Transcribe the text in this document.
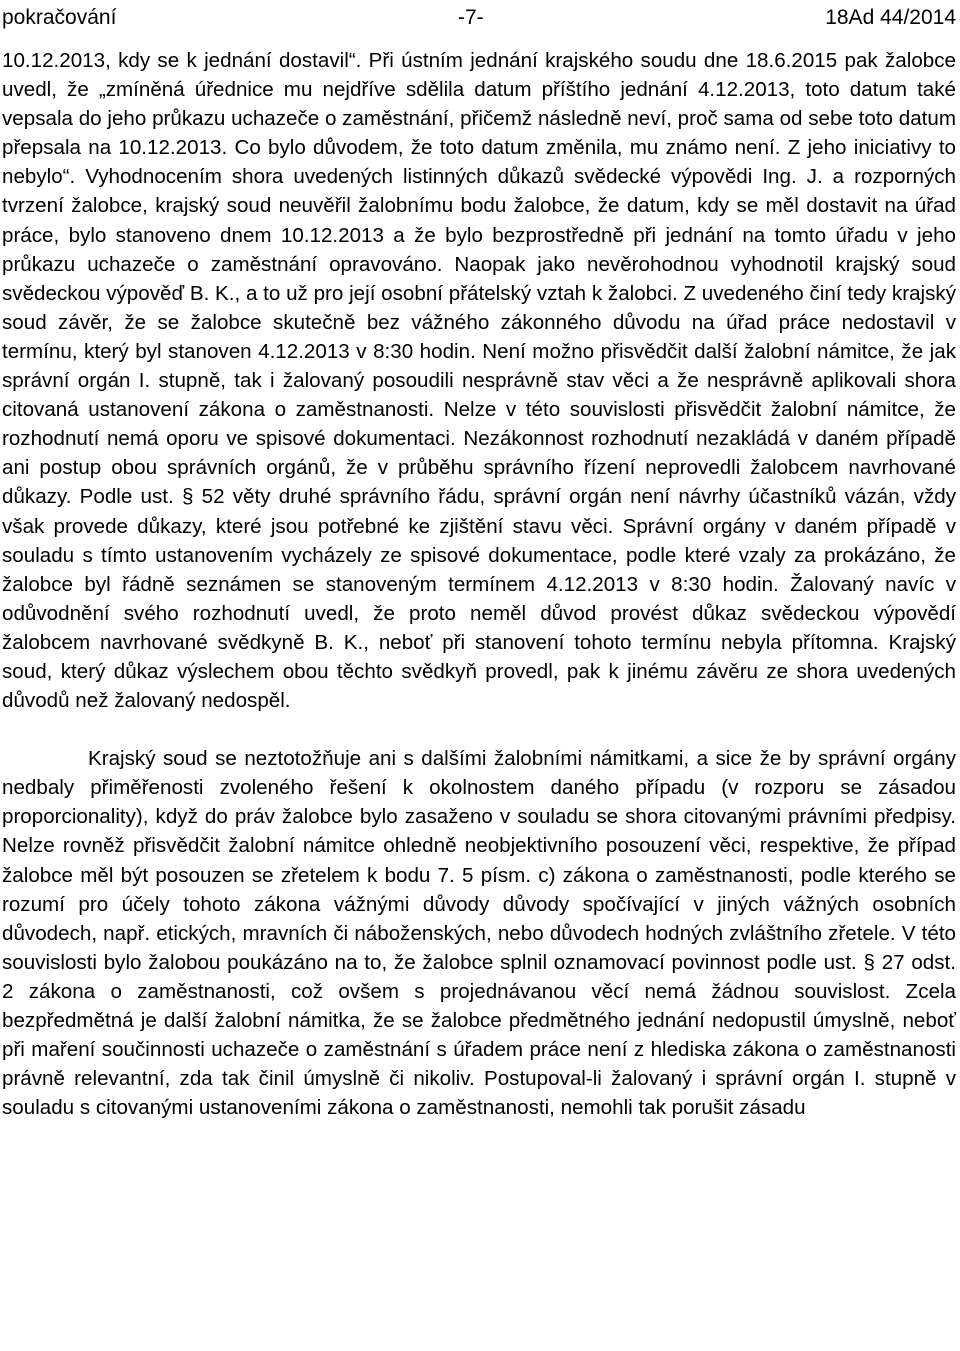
pokračování	-7-	18Ad 44/2014

10.12.2013, kdy se k jednání dostavil“. Při ústním jednání krajského soudu dne 18.6.2015 pak žalobce uvedl, že „zmíněná úřednice mu nejdříve sdělila datum příštího jednání 4.12.2013, toto datum také vepsala do jeho průkazu uchazeče o zaměstnání, přičemž následně neví, proč sama od sebe toto datum přepsala na 10.12.2013. Co bylo důvodem, že toto datum změnila, mu známo není. Z jeho iniciativy to nebylo“. Vyhodnocením shora uvedených listinných důkazů svědecké výpovědi Ing. J. a rozporných tvrzení žalobce, krajský soud neuvěřil žalobnímu bodu žalobce, že datum, kdy se měl dostavit na úřad práce, bylo stanoveno dnem 10.12.2013 a že bylo bezprostředně při jednání na tomto úřadu v jeho průkazu uchazeče o zaměstnání opravováno. Naopak jako nevěrohodnou vyhodnotil krajský soud svědeckou výpověď B. K., a to už pro její osobní přátelský vztah k žalobci. Z uvedeného činí tedy krajský soud závěr, že se žalobce skutečně bez vážného zákonného důvodu na úřad práce nedostavil v termínu, který byl stanoven 4.12.2013 v 8:30 hodin. Není možno přisvědčit další žalobní námitce, že jak správní orgán I. stupně, tak i žalovaný posoudili nesprávně stav věci a že nesprávně aplikovali shora citovaná ustanovení zákona o zaměstnanosti. Nelze v této souvislosti přisvědčit žalobní námitce, že rozhodnutí nemá oporu ve spisové dokumentaci. Nezákonnost rozhodnutí nezakládá v daném případě ani postup obou správních orgánů, že v průběhu správního řízení neprovedli žalobcem navrhované důkazy. Podle ust. § 52 věty druhé správního řádu, správní orgán není návrhy účastníků vázán, vždy však provede důkazy, které jsou potřebné ke zjištění stavu věci. Správní orgány v daném případě v souladu s tímto ustanovením vycházely ze spisové dokumentace, podle které vzaly za prokázáno, že žalobce byl řádně seznámen se stanoveným termínem 4.12.2013 v 8:30 hodin. Žalovaný navíc v odůvodnění svého rozhodnutí uvedl, že proto neměl důvod provést důkaz svědeckou výpovědí žalobcem navrhované svědkyně B. K., neboť při stanovení tohoto termínu nebyla přítomna. Krajský soud, který důkaz výslechem obou těchto svědkyň provedl, pak k jinému závěru ze shora uvedených důvodů než žalovaný nedospěl.

Krajský soud se neztotožňuje ani s dalšími žalobními námitkami, a sice že by správní orgány nedbaly přiměřenosti zvoleného řešení k okolnostem daného případu (v rozporu se zásadou proporcionality), když do práv žalobce bylo zasaženo v souladu se shora citovanými právními předpisy. Nelze rovněž přisvědčit žalobní námitce ohledně neobjektivního posouzení věci, respektive, že případ žalobce měl být posouzen se zřetelem k bodu 7. 5 písm. c) zákona o zaměstnanosti, podle kterého se rozumí pro účely tohoto zákona vážnými důvody důvody spočívající v jiných vážných osobních důvodech, např. etických, mravních či náboženských, nebo důvodech hodných zvláštního zřetele. V této souvislosti bylo žalobou poukázáno na to, že žalobce splnil oznamovací povinnost podle ust. § 27 odst. 2 zákona o zaměstnanosti, což ovšem s projednávanou věcí nemá žádnou souvislost. Zcela bezpředmětná je další žalobní námitka, že se žalobce předmětného jednání nedopustil úmyslně, neboť při maření součinnosti uchazeče o zaměstnání s úřadem práce není z hlediska zákona o zaměstnanosti právně relevantní, zda tak činil úmyslně či nikoliv. Postupoval-li žalovaný i správní orgán I. stupně v souladu s citovanými ustanoveními zákona o zaměstnanosti, nemohli tak porušit zásadu
